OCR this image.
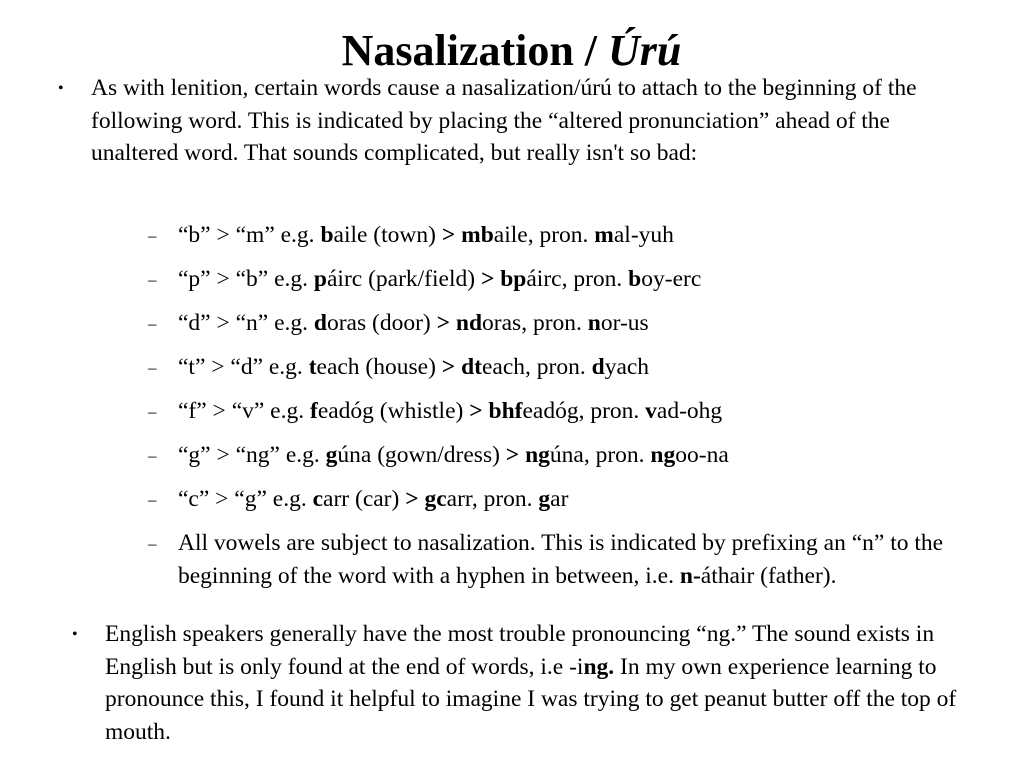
Nasalization / Úrú
• As with lenition, certain words cause a nasalization/úrú to attach to the beginning of the following word. This is indicated by placing the “altered pronunciation” ahead of the unaltered word. That sounds complicated, but really isn't so bad:
– “b” > “m” e.g. baile (town) > mbaile, pron. mal-yuh
– “p” > “b” e.g. páirc (park/field) > bpáirc, pron. boy-erc
– “d” > “n” e.g. doras (door) > ndoras, pron. nor-us
– “t” > “d” e.g. teach (house) > dteach, pron. dyach
– “f” > “v” e.g. feadóg (whistle) > bhfeadóg, pron. vad-ohg
– “g” > “ng” e.g. gúna (gown/dress) > ngúna, pron. ngoo-na
– “c” > “g” e.g. carr (car) > gcarr, pron. gar
– All vowels are subject to nasalization. This is indicated by prefixing an “n” to the beginning of the word with a hyphen in between, i.e. n-áthair (father).
• English speakers generally have the most trouble pronouncing “ng.” The sound exists in English but is only found at the end of words, i.e -ing. In my own experience learning to pronounce this, I found it helpful to imagine I was trying to get peanut butter off the top of mouth.
